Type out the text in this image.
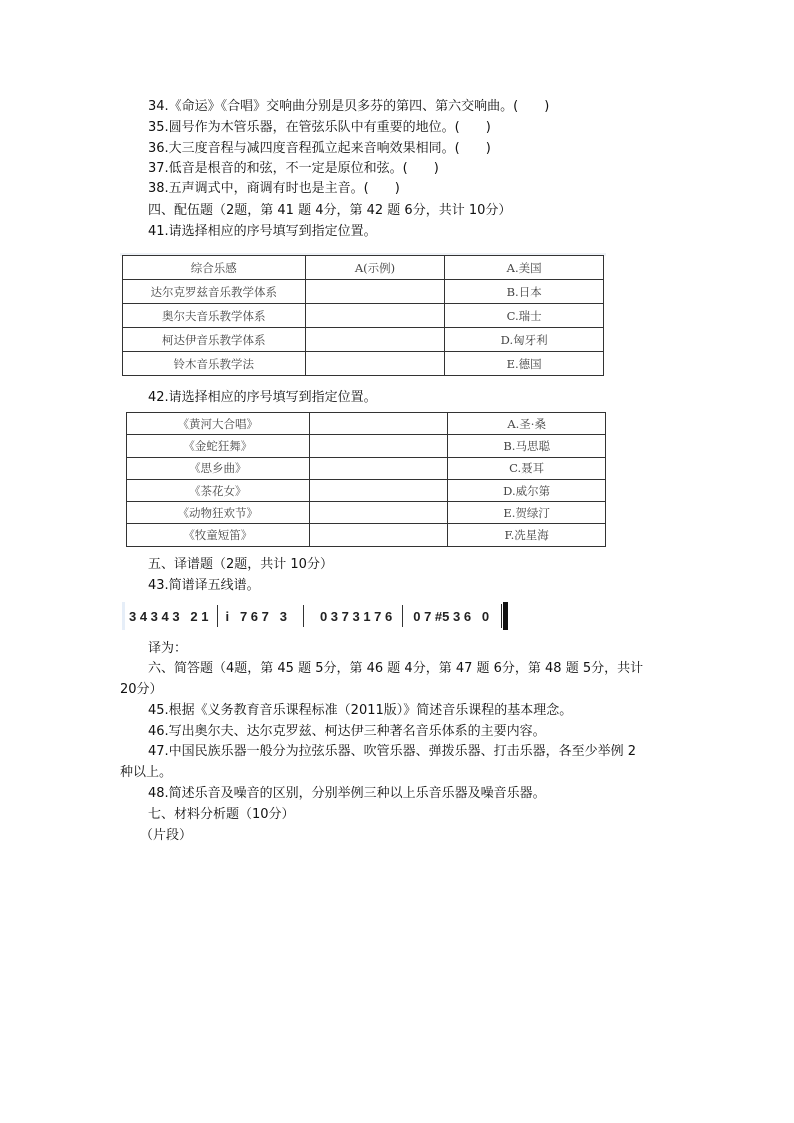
34.《命运》《合唱》交响曲分别是贝多芬的第四、第六交响曲。(　　)
35.圆号作为木管乐器，在管弦乐队中有重要的地位。(　　)
36.大三度音程与减四度音程孤立起来音响效果相同。(　　)
37.低音是根音的和弦，不一定是原位和弦。(　　)
38.五声调式中，商调有时也是主音。(　　)
四、配伍题（2题，第 41 题 4分，第 42 题 6分，共计 10分）
41.请选择相应的序号填写到指定位置。
综合乐感	A(示例)	A.美国
达尔克罗兹音乐教学体系		B.日本
奥尔夫音乐教学体系		C.瑞士
柯达伊音乐教学体系		D.匈牙利
铃木音乐教学法		E.德国
42.请选择相应的序号填写到指定位置。
《黄河大合唱》		A.圣·桑
《金蛇狂舞》		B.马思聪
《思乡曲》		C.聂耳
《茶花女》		D.威尔第
《动物狂欢节》		E.贺绿汀
《牧童短笛》		F.冼星海
五、译谱题（2题，共计 10分）
43.简谱译五线谱。
3 4 3 4 3   2 1 i   7 6 7   3	0 3 7 3 1 7 6 0 7 #5 3 6   0
译为：
六、简答题（4题，第 45 题 5分，第 46 题 4分，第 47 题 6分，第 48 题 5分，共计
20分）
45.根据《义务教育音乐课程标准（2011版）》简述音乐课程的基本理念。
46.写出奥尔夫、达尔克罗兹、柯达伊三种著名音乐体系的主要内容。
47.中国民族乐器一般分为拉弦乐器、吹管乐器、弹拨乐器、打击乐器，各至少举例 2
种以上。
48.简述乐音及噪音的区别，分别举例三种以上乐音乐器及噪音乐器。
七、材料分析题（10分）
（片段）
